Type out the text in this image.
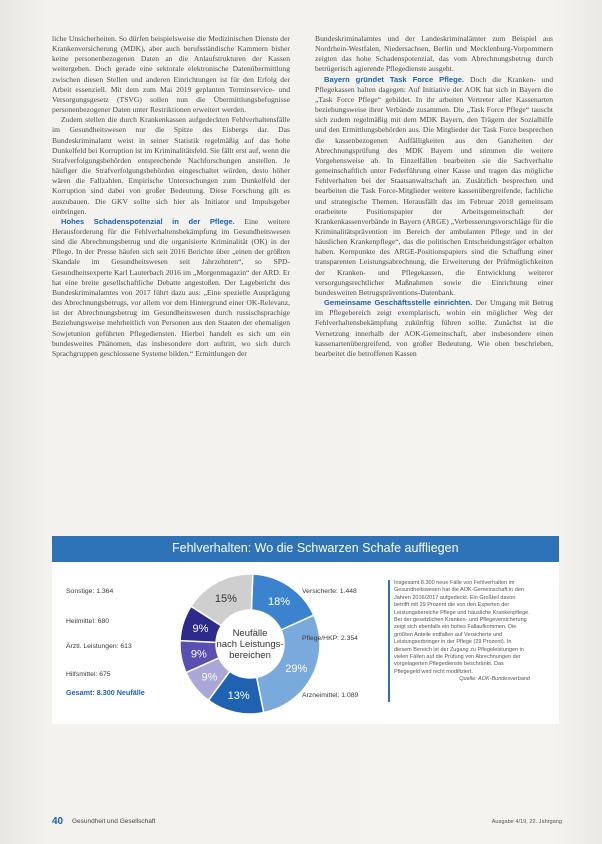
liche Unsicherheiten. So dürfen beispielsweise die Medizinischen Dienste der Krankenversicherung (MDK), aber auch berufsständische Kammern bisher keine personenbezogenen Daten an die Anlaufstrukturen der Kassen weitergeben. Doch gerade eine sektorale elektronische Datenübermittlung zwischen diesen Stellen und anderen Einrichtungen ist für den Erfolg der Arbeit essenziell. Mit dem zum Mai 2019 geplanten Terminservice- und Versorgungsgesetz (TSVG) sollen nun die Übermittlungsbefugnisse personenbezogener Daten unter Restriktionen erweitert werden.

Zudem stellen die durch Krankenkassen aufgedeckten Fehlverhaltensfälle im Gesundheitswesen nur die Spitze des Eisbergs dar. Das Bundeskriminalamt weist in seiner Statistik regelmäßig auf das hohe Dunkelfeld bei Korruption ist im Kriminalitätsfeld. Sie fällt erst auf, wenn die Strafverfolgungsbehörden entsprechende Nachforschungen anstellen. Je häufiger die Strafverfolgungsbehörden eingeschaltet würden, desto höher wären die Fallzahlen. Empirische Untersuchungen zum Dunkelfeld der Korruption sind dabei von großer Bedeutung. Diese Forschung gilt es auszubauen. Die GKV sollte sich hier als Initiator und Impulsgeber einbringen.

Hohes Schadenspotenzial in der Pflege. Eine weitere Herausforderung für die Fehlverhaltensbekämpfung im Gesundheitswesen sind die Abrechnungsbetrug und die organisierte Kriminalität (OK) in der Pflege. In der Presse häufen sich seit 2016 Berichte über „einen der größten Skandale im Gesundheitswesen seit Jahrzehnten“, so SPD-Gesundheitsexperte Karl Lauterbach 2016 im „Morgenmagazin“ der ARD. Er hat eine breite gesellschaftliche Debatte angestoßen. Der Lagebericht des Bundeskriminalamtes von 2017 führt dazu aus: „Eine spezielle Ausprägung des Abrechnungsbetrugs, vor allem vor dem Hintergrund einer OK-Relevanz, ist der Abrechnungsbetrug im Gesundheitswesen durch russischsprachige Beziehungsweise mehrheitlich von Personen aus den Staaten der ehemaligen Sowjetunion geführten Pflegediensten. Hierbei handelt es sich um ein bundesweites Phänomen, das insbesondere dort auftritt, wo sich durch Sprachgruppen geschlossene Systeme bilden.“ Ermittlungen der

Bundeskriminalamtes und der Landeskriminalämter zum Beispiel aus Nordrhein-Westfalen, Niedersachsen, Berlin und Mecklenburg-Vorpommern zeigten das hohe Schadenspotenzial, das vom Abrechnungsbetrug durch betrügerisch agierende Pflegedienste ausgeht.

Bayern gründet Task Force Pflege. Doch die Kranken- und Pflegekassen halten dagegen: Auf Initiative der AOK hat sich in Bayern die „Task Force Pflege“ gebildet. In ihr arbeiten Vertreter aller Kassenarten beziehungsweise ihrer Verbände zusammen. Die „Task Force Pflege“ tauscht sich zudem regelmäßig mit dem MDK Bayern, den Trägern der Sozialhilfe und den Ermittlungsbehörden aus. Die Mitglieder der Task Force besprechen die kassenbezogenen Auffälligkeiten aus den Ganzheiten der Abrechnungsprüfung des MDK Bayern und stimmen die weitere Vorgehensweise ab. In Einzelfällen bearbeiten sie die Sachverhalte gemeinschaftlich unter Federführung einer Kasse und tragen das mögliche Fehlverhalten bei der Staatsanwaltschaft an. Zusätzlich besprechen und bearbeiten die Task Force-Mitglieder weitere kassenübergreifende, fachliche und strategische Themen. Herausfällt das im Februar 2018 gemeinsam erarbeitete Positionspapier der Arbeitsgemeinschaft der Krankenkassenverbände in Bayern (ARGE) „Verbesserungsvorschläge für die Kriminalitätsprävention im Bereich der ambulanten Pflege und in der häuslichen Krankenpflege“, das die politischen Entscheidungsträger erhalten haben. Kernpunkte des ARGE-Positionspapiers sind die Schaffung einer transparenten Leistungsabrechnung, die Erweiterung der Prüfmöglichkeiten der Kranken- und Pflegekassen, die Entwicklung weiterer versorgungsrechtlicher Maßnahmen sowie die Einrichtung einer bundesweiten Betrugspräventions-Datenbank.

Gemeinsame Geschäftsstelle einrichten. Der Umgang mit Betrug im Pflegebereich zeigt exemplarisch, wohin ein möglicher Weg der Fehlverhaltensbekämpfung zukünftig führen sollte. Zunächst ist die Vernetzung innerhalb der AOK-Gemeinschaft, aber insbesondere einen kassenartenübergreifend, von großer Bedeutung. Wie oben beschrieben, bearbeitet die betroffenen Kassen

Fehlverhalten: Wo die Schwarzen Schafe auffliegen
18%
29%
13%
9%
9%
9%
15%
Neufälle
nach Leistungs-
bereichen
Sonstige: 1.364
Heilmittel: 680
Ärztl. Leistungen: 613
Hilfsmittel: 675
Gesamt: 8.300 Neufälle
Versicherte: 1.448
Pflege/HKP: 2.354
Arzneimittel: 1.089
Insgesamt 8.300 neue Fälle von Fehlverhalten im Gesundheitswesen hat die AOK-Gemeinschaft in den Jahren 2016/2017 aufgedeckt. Ein Großteil davon betrifft mit 29 Prozent die von den Experten der Leistungsbereiche Pflege und häusliche Krankenpflege. Bei der gesetzlichen Kranken- und Pflegeversicherung zeigt sich ebenfalls ein hohes Fallaufkommen. Die größten Anteile entfallen auf Versicherte und Leistungserbringer in der Pflege (29 Prozent). In diesem Bereich ist der Zugang zu Pflegeleistungen in vielen Fällen auf die Prüfung von Abrechnungen der vorgelagerten Pflegedienste beschränkt. Das Pflegegeld wird nicht modifiziert.
Quelle: AOK-Bundesverband
40 Gesundheit und Gesellschaft	Ausgabe 4/19, 22. Jahrgang
